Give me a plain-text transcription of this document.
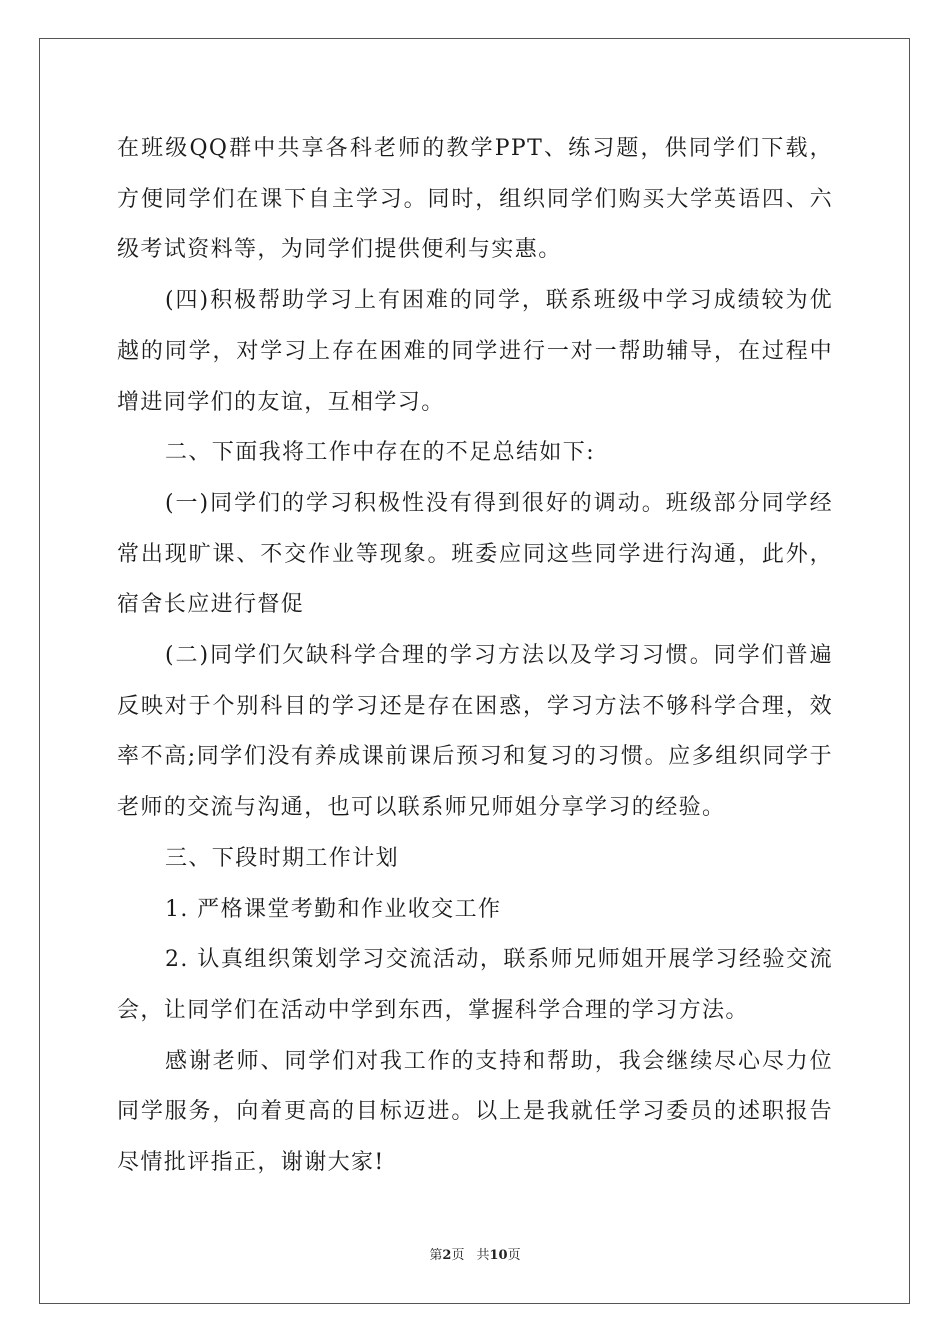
在班级QQ群中共享各科老师的教学PPT、练习题，供同学们下载，方便同学们在课下自主学习。同时，组织同学们购买大学英语四、六级考试资料等，为同学们提供便利与实惠。

(四)积极帮助学习上有困难的同学，联系班级中学习成绩较为优越的同学，对学习上存在困难的同学进行一对一帮助辅导，在过程中增进同学们的友谊，互相学习。

二、下面我将工作中存在的不足总结如下:

(一)同学们的学习积极性没有得到很好的调动。班级部分同学经常出现旷课、不交作业等现象。班委应同这些同学进行沟通，此外，宿舍长应进行督促

(二)同学们欠缺科学合理的学习方法以及学习习惯。同学们普遍反映对于个别科目的学习还是存在困惑，学习方法不够科学合理，效率不高;同学们没有养成课前课后预习和复习的习惯。应多组织同学于老师的交流与沟通，也可以联系师兄师姐分享学习的经验。

三、下段时期工作计划

1. 严格课堂考勤和作业收交工作

2. 认真组织策划学习交流活动，联系师兄师姐开展学习经验交流会，让同学们在活动中学到东西，掌握科学合理的学习方法。

感谢老师、同学们对我工作的支持和帮助，我会继续尽心尽力位同学服务，向着更高的目标迈进。以上是我就任学习委员的述职报告尽情批评指正，谢谢大家!

第2页 共10页
